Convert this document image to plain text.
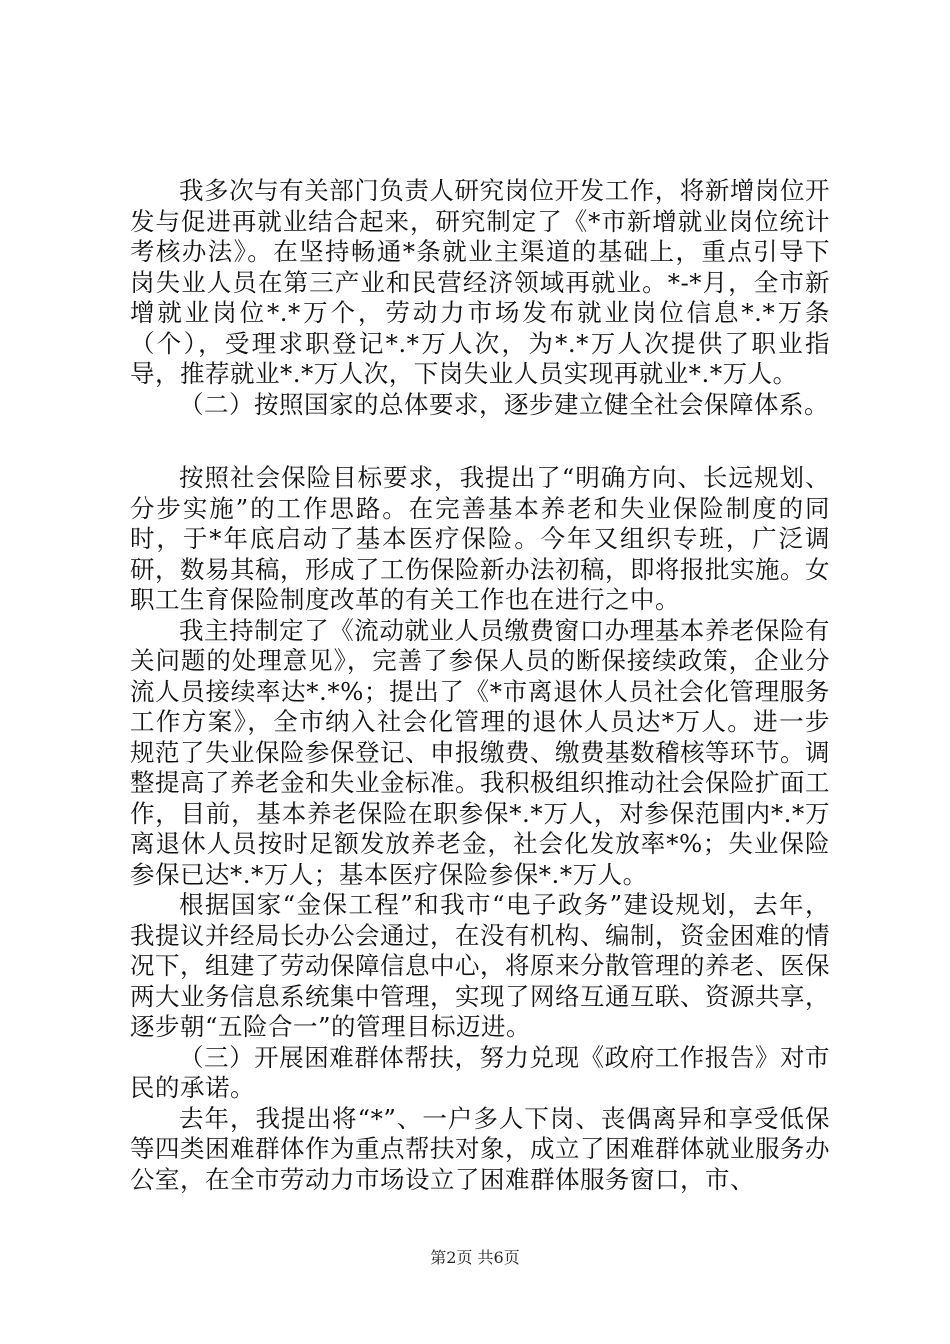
我多次与有关部门负责人研究岗位开发工作，将新增岗位开发与促进再就业结合起来，研究制定了《*市新增就业岗位统计考核办法》。在坚持畅通*条就业主渠道的基础上，重点引导下岗失业人员在第三产业和民营经济领域再就业。*-*月，全市新增就业岗位*.*万个，劳动力市场发布就业岗位信息*.*万条（个），受理求职登记*.*万人次，为*.*万人次提供了职业指导，推荐就业*.*万人次，下岗失业人员实现再就业*.*万人。

（二）按照国家的总体要求，逐步建立健全社会保障体系。

按照社会保险目标要求，我提出了“明确方向、长远规划、分步实施”的工作思路。在完善基本养老和失业保险制度的同时，于*年底启动了基本医疗保险。今年又组织专班，广泛调研，数易其稿，形成了工伤保险新办法初稿，即将报批实施。女职工生育保险制度改革的有关工作也在进行之中。

我主持制定了《流动就业人员缴费窗口办理基本养老保险有关问题的处理意见》，完善了参保人员的断保接续政策，企业分流人员接续率达*.*%；提出了《*市离退休人员社会化管理服务工作方案》，全市纳入社会化管理的退休人员达*万人。进一步规范了失业保险参保登记、申报缴费、缴费基数稽核等环节。调整提高了养老金和失业金标准。我积极组织推动社会保险扩面工作，目前，基本养老保险在职参保*.*万人，对参保范围内*.*万离退休人员按时足额发放养老金，社会化发放率*%；失业保险参保已达*.*万人；基本医疗保险参保*.*万人。

根据国家“金保工程”和我市“电子政务”建设规划，去年，我提议并经局长办公会通过，在没有机构、编制，资金困难的情况下，组建了劳动保障信息中心，将原来分散管理的养老、医保两大业务信息系统集中管理，实现了网络互通互联、资源共享，逐步朝“五险合一”的管理目标迈进。

（三）开展困难群体帮扶，努力兑现《政府工作报告》对市民的承诺。

去年，我提出将“*”、一户多人下岗、丧偶离异和享受低保等四类困难群体作为重点帮扶对象，成立了困难群体就业服务办公室，在全市劳动力市场设立了困难群体服务窗口，市、

第2页 共6页
